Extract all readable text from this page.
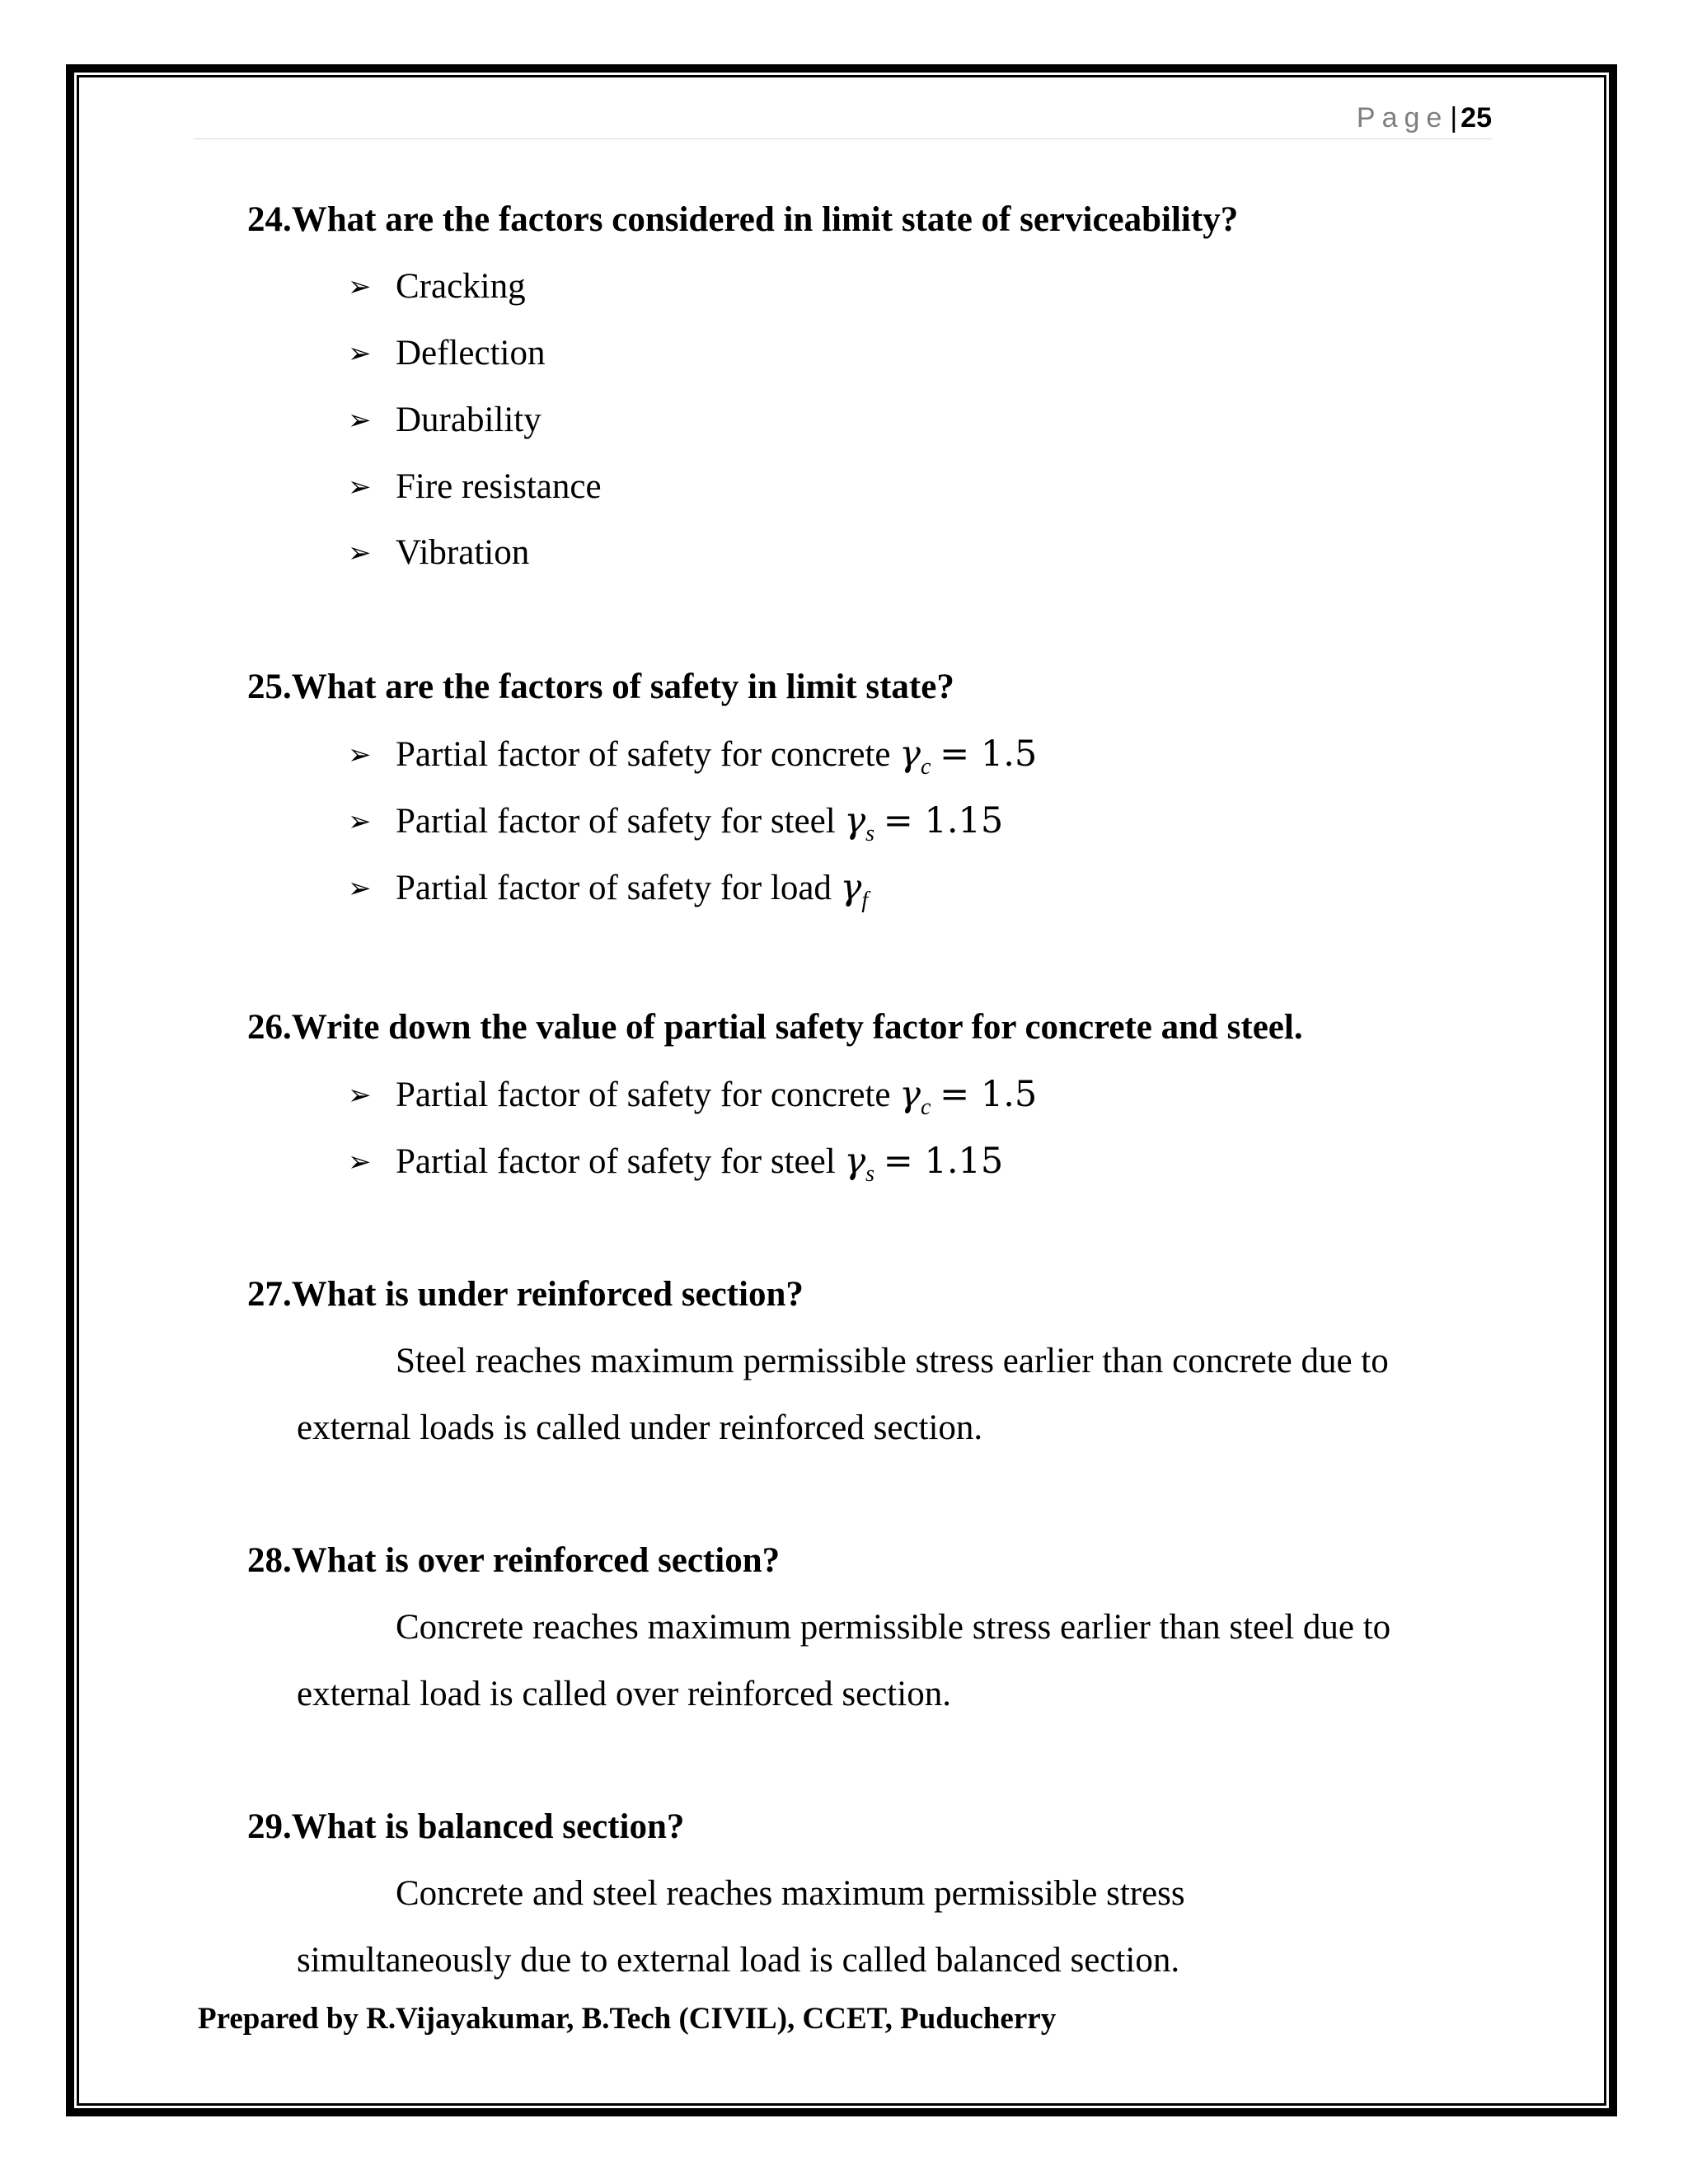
Page| 25
24.What are the factors considered in limit state of serviceability?
➢ Cracking
➢ Deflection
➢ Durability
➢ Fire resistance
➢ Vibration
25.What are the factors of safety in limit state?
➢ Partial factor of safety for concrete $\gamma_c = 1.5$
➢ Partial factor of safety for steel $\gamma_s = 1.15$
➢ Partial factor of safety for load $\gamma_f$
26.Write down the value of partial safety factor for concrete and steel.
➢ Partial factor of safety for concrete $\gamma_c = 1.5$
➢ Partial factor of safety for steel $\gamma_s = 1.15$
27.What is under reinforced section?
Steel reaches maximum permissible stress earlier than concrete due to
external loads is called under reinforced section.
28.What is over reinforced section?
Concrete reaches maximum permissible stress earlier than steel due to
external load is called over reinforced section.
29.What is balanced section?
Concrete and steel reaches maximum permissible stress
simultaneously due to external load is called balanced section.
Prepared by R.Vijayakumar, B.Tech (CIVIL), CCET, Puducherry
